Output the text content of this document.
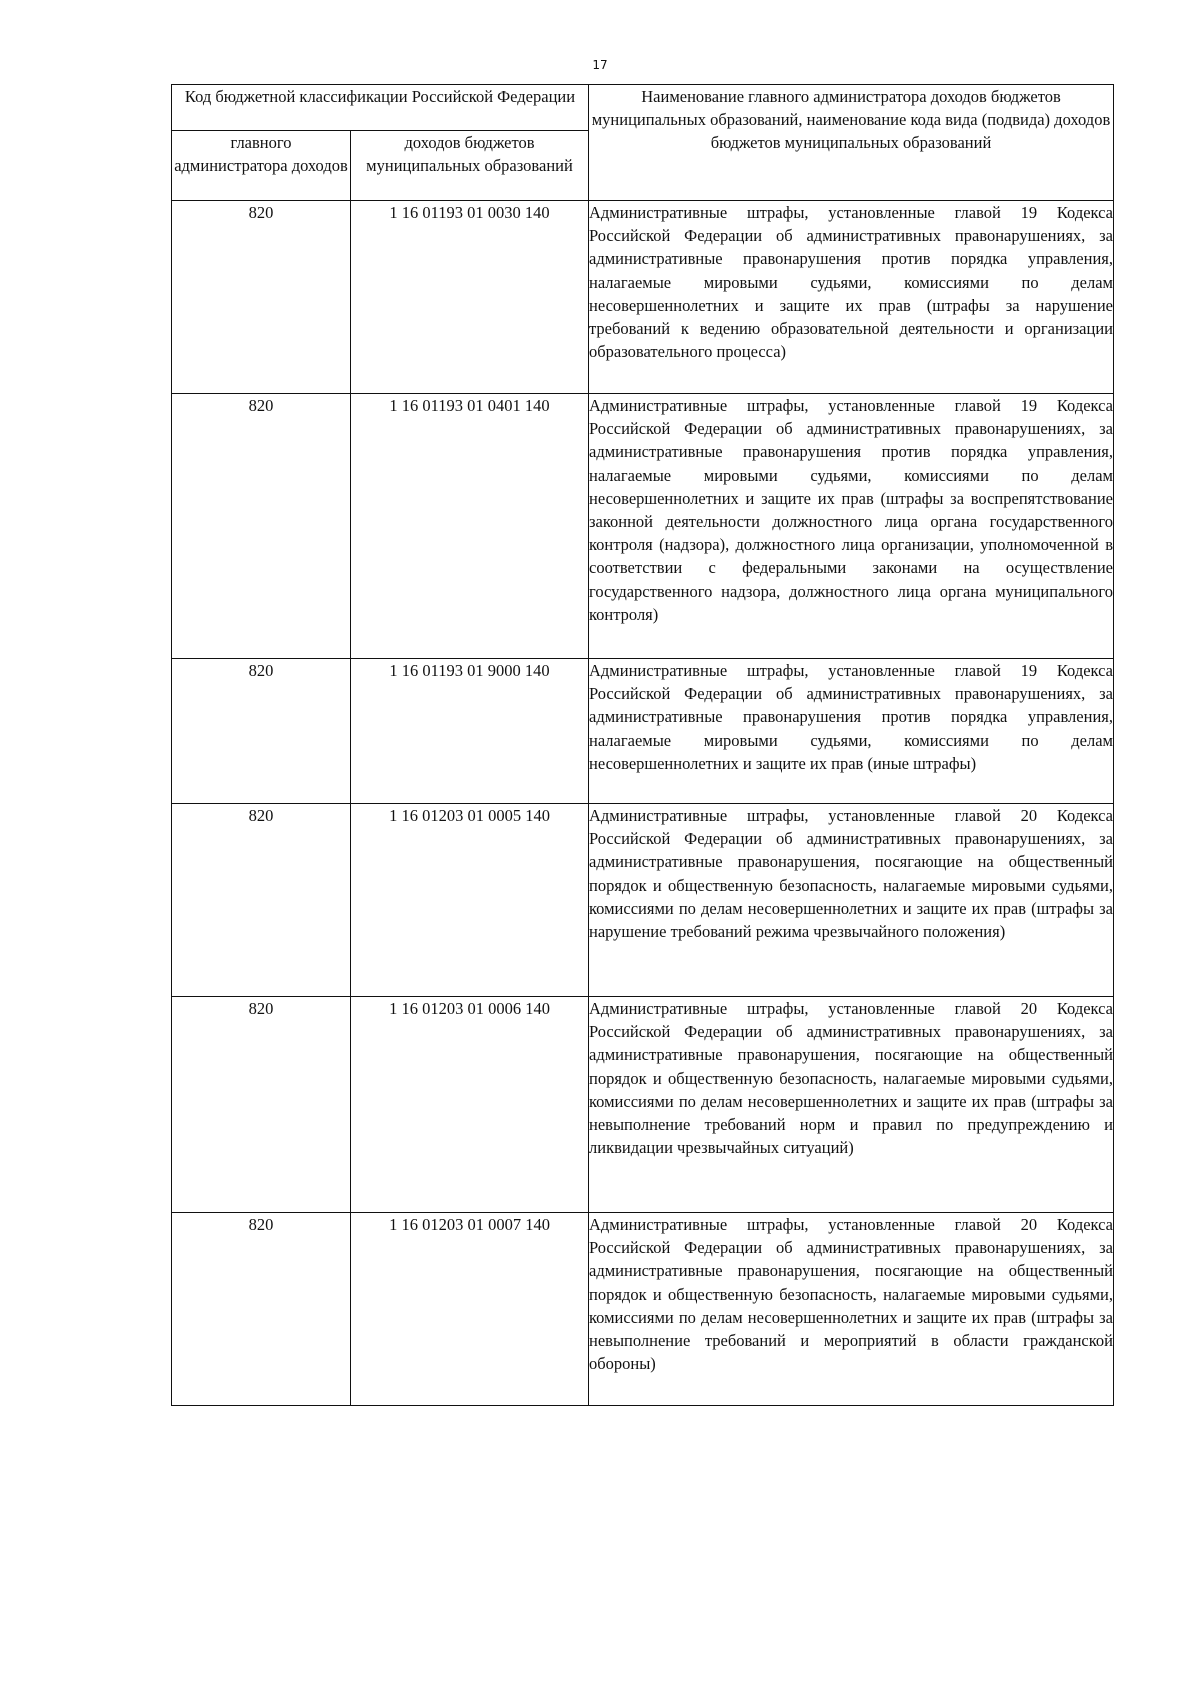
17
Код бюджетной классификации Российской Федерации		Наименование главного администратора доходов бюджетов муниципальных образований, наименование кода вида (подвида) доходов бюджетов муниципальных образований
главного администратора доходов	доходов бюджетов муниципальных образований	
820	1 16 01193 01 0030 140	Административные штрафы, установленные главой 19 Кодекса Российской Федерации об административных правонарушениях, за административные правонарушения против порядка управления, налагаемые мировыми судьями, комиссиями по делам несовершеннолетних и защите их прав (штрафы за нарушение требований к ведению образовательной деятельности и организации образовательного процесса)
820	1 16 01193 01 0401 140	Административные штрафы, установленные главой 19 Кодекса Российской Федерации об административных правонарушениях, за административные правонарушения против порядка управления, налагаемые мировыми судьями, комиссиями по делам несовершеннолетних и защите их прав (штрафы за воспрепятствование законной деятельности должностного лица органа государственного контроля (надзора), должностного лица организации, уполномоченной в соответствии с федеральными законами на осуществление государственного надзора, должностного лица органа муниципального контроля)
820	1 16 01193 01 9000 140	Административные штрафы, установленные главой 19 Кодекса Российской Федерации об административных правонарушениях, за административные правонарушения против порядка управления, налагаемые мировыми судьями, комиссиями по делам несовершеннолетних и защите их прав (иные штрафы)
820	1 16 01203 01 0005 140	Административные штрафы, установленные главой 20 Кодекса Российской Федерации об административных правонарушениях, за административные правонарушения, посягающие на общественный порядок и общественную безопасность, налагаемые мировыми судьями, комиссиями по делам несовершеннолетних и защите их прав (штрафы за нарушение требований режима чрезвычайного положения)
820	1 16 01203 01 0006 140	Административные штрафы, установленные главой 20 Кодекса Российской Федерации об административных правонарушениях, за административные правонарушения, посягающие на общественный порядок и общественную безопасность, налагаемые мировыми судьями, комиссиями по делам несовершеннолетних и защите их прав (штрафы за невыполнение требований норм и правил по предупреждению и ликвидации чрезвычайных ситуаций)
820	1 16 01203 01 0007 140	Административные штрафы, установленные главой 20 Кодекса Российской Федерации об административных правонарушениях, за административные правонарушения, посягающие на общественный порядок и общественную безопасность, налагаемые мировыми судьями, комиссиями по делам несовершеннолетних и защите их прав (штрафы за невыполнение требований и мероприятий в области гражданской обороны)
